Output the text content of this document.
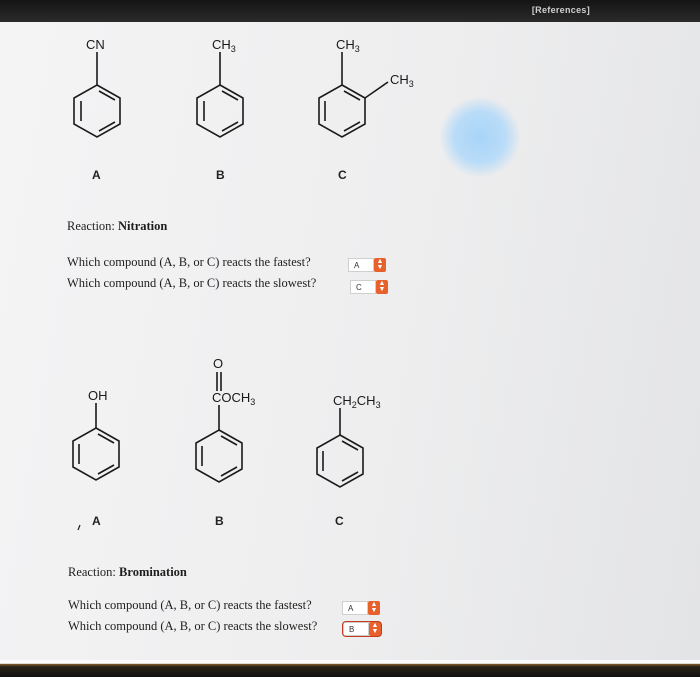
[References]
CN	$CH_3$	$CH_3$
$CH_3$
OH
O
$COCH_3$	$CH_2CH_3$
A	B	C
A	B	C
Reaction: Nitration
Which compound (A, B, or C) reacts the fastest?	A	▲
▼
Which compound (A, B, or C) reacts the slowest?	C	▲
▼
Reaction: Bromination
Which compound (A, B, or C) reacts the fastest?	A	▲
▼
Which compound (A, B, or C) reacts the slowest?	B	▲
▼
